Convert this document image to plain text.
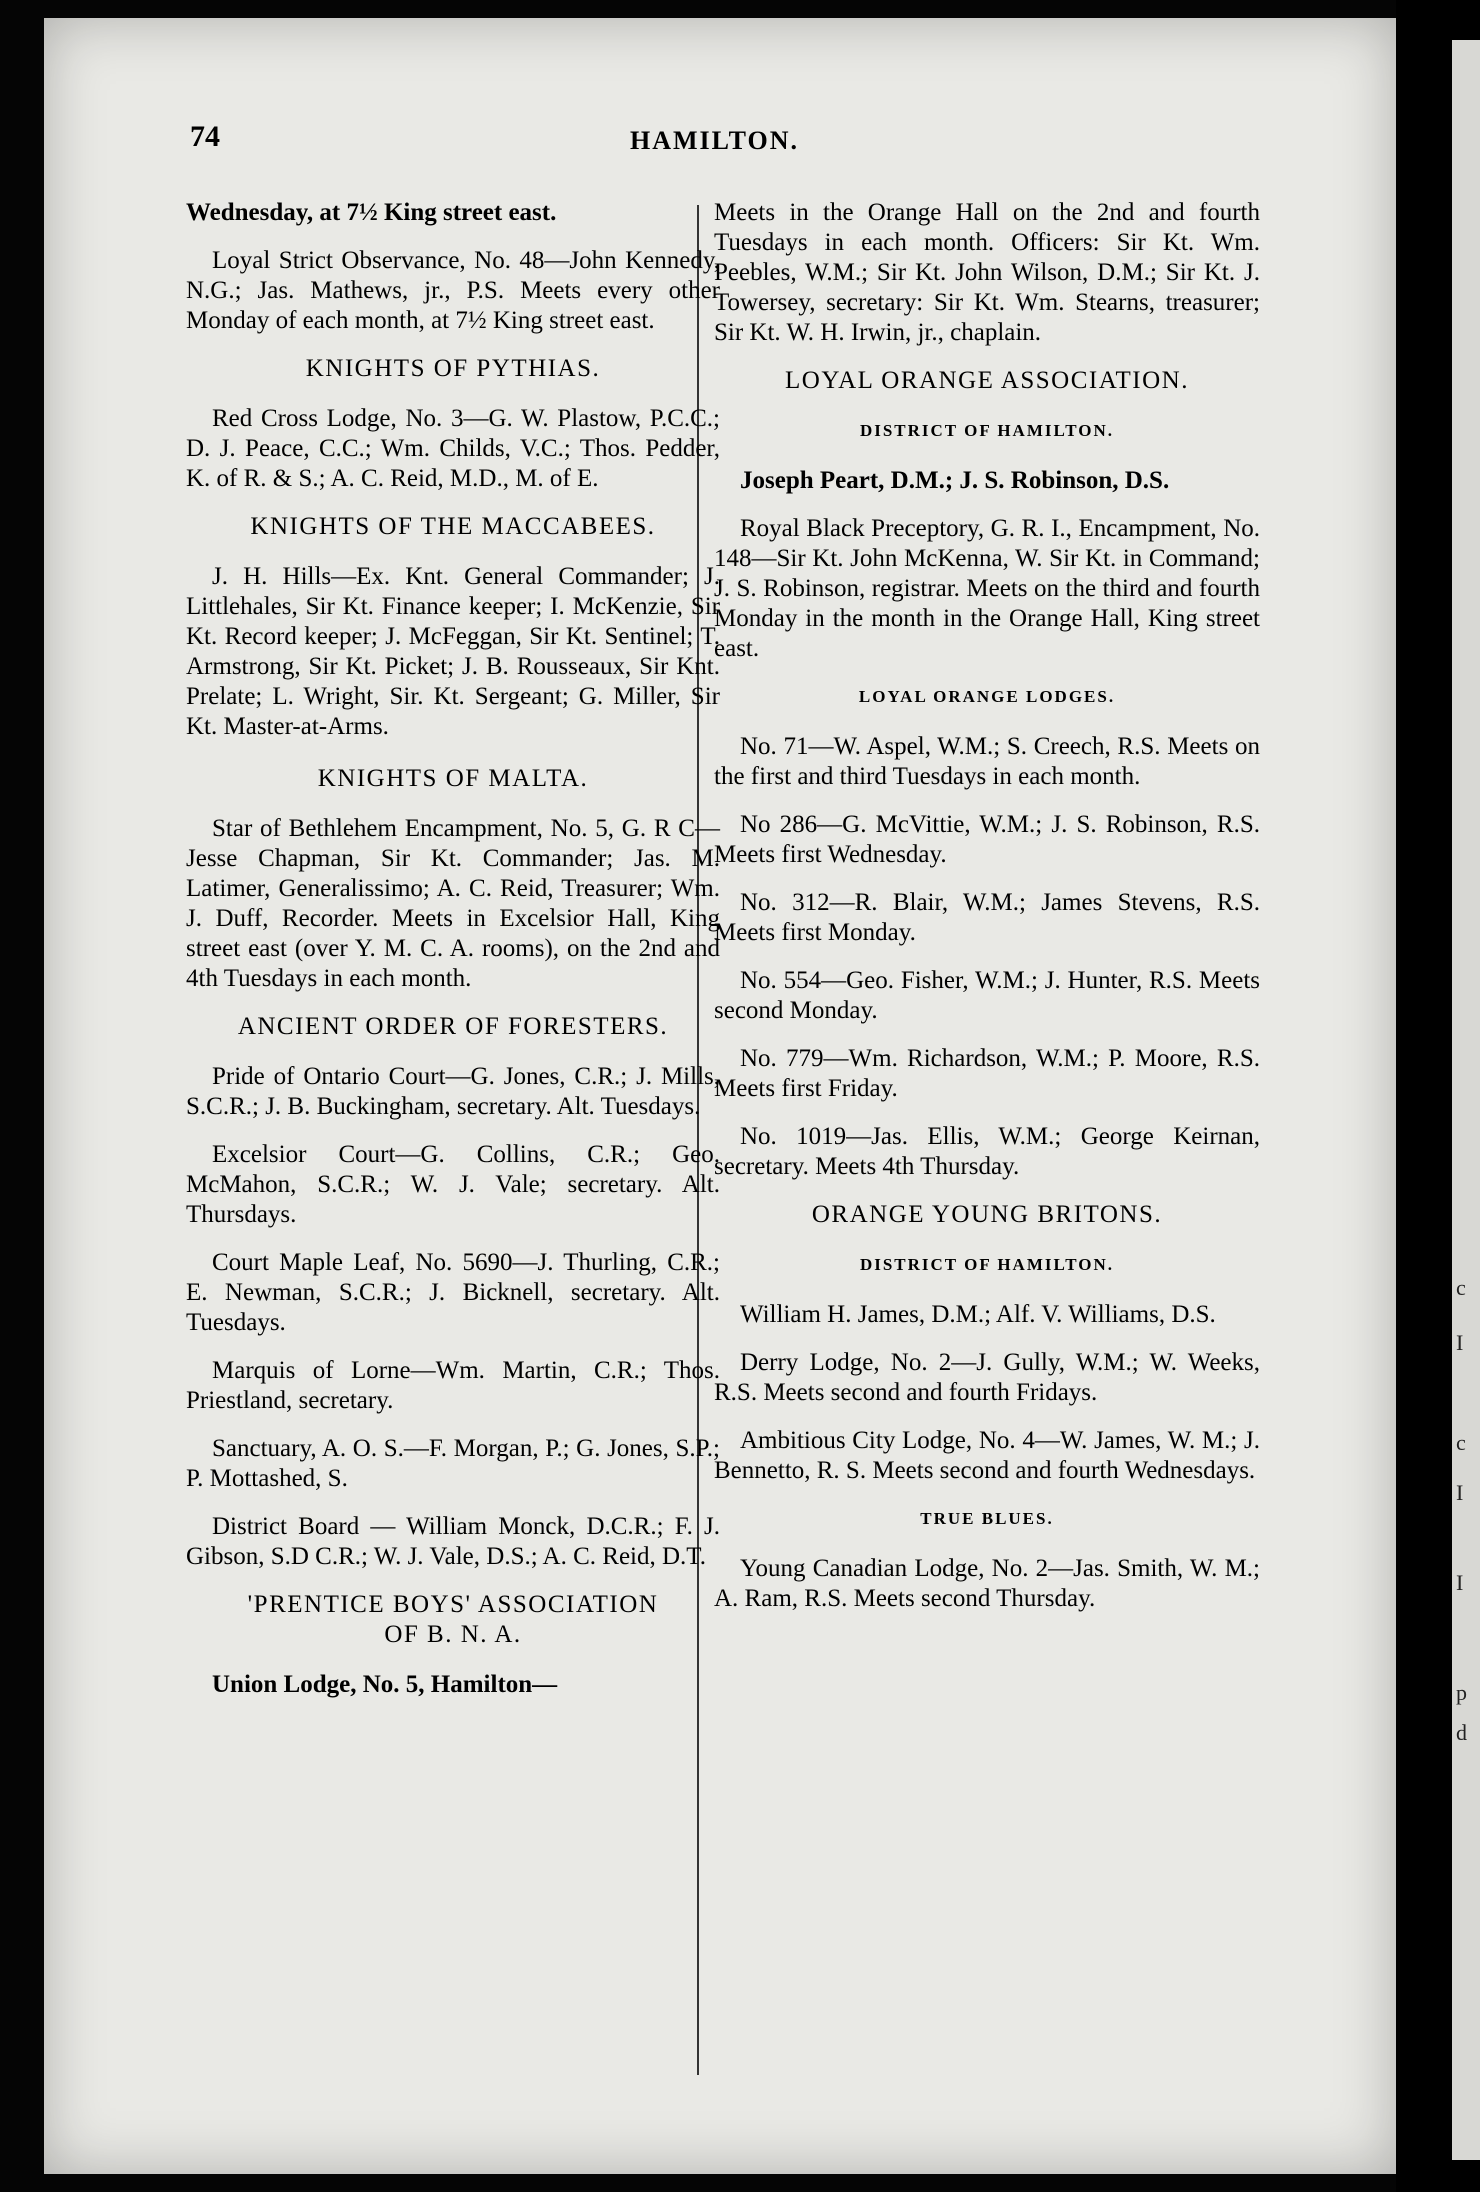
c
I
c
I
I
p
d
74	HAMILTON.

Wednesday, at 7½ King street east.

Loyal Strict Observance, No. 48—John Kennedy, N.G.; Jas. Mathews, jr., P.S. Meets every other Monday of each month, at 7½ King street east.

KNIGHTS OF PYTHIAS.

Red Cross Lodge, No. 3—G. W. Plastow, P.C.C.; D. J. Peace, C.C.; Wm. Childs, V.C.; Thos. Pedder, K. of R. & S.; A. C. Reid, M.D., M. of E.

KNIGHTS OF THE MACCABEES.

J. H. Hills—Ex. Knt. General Commander; J. Littlehales, Sir Kt. Finance keeper; I. McKenzie, Sir Kt. Record keeper; J. McFeggan, Sir Kt. Sentinel; T. Armstrong, Sir Kt. Picket; J. B. Rousseaux, Sir Knt. Prelate; L. Wright, Sir. Kt. Sergeant; G. Miller, Sir Kt. Master-at-Arms.

KNIGHTS OF MALTA.

Star of Bethlehem Encampment, No. 5, G. R C—Jesse Chapman, Sir Kt. Commander; Jas. M. Latimer, Generalissimo; A. C. Reid, Treasurer; Wm. J. Duff, Recorder. Meets in Excelsior Hall, King street east (over Y. M. C. A. rooms), on the 2nd and 4th Tuesdays in each month.

ANCIENT ORDER OF FORESTERS.

Pride of Ontario Court—G. Jones, C.R.; J. Mills, S.C.R.; J. B. Buckingham, secretary. Alt. Tuesdays.

Excelsior Court—G. Collins, C.R.; Geo. McMahon, S.C.R.; W. J. Vale; secretary. Alt. Thursdays.

Court Maple Leaf, No. 5690—J. Thurling, C.R.; E. Newman, S.C.R.; J. Bicknell, secretary. Alt. Tuesdays.

Marquis of Lorne—Wm. Martin, C.R.; Thos. Priestland, secretary.

Sanctuary, A. O. S.—F. Morgan, P.; G. Jones, S.P.; P. Mottashed, S.

District Board — William Monck, D.C.R.; F. J. Gibson, S.D C.R.; W. J. Vale, D.S.; A. C. Reid, D.T.

'PRENTICE BOYS' ASSOCIATION
OF B. N. A.

Union Lodge, No. 5, Hamilton—

Meets in the Orange Hall on the 2nd and fourth Tuesdays in each month. Officers: Sir Kt. Wm. Peebles, W.M.; Sir Kt. John Wilson, D.M.; Sir Kt. J. Towersey, secretary: Sir Kt. Wm. Stearns, treasurer; Sir Kt. W. H. Irwin, jr., chaplain.

LOYAL ORANGE ASSOCIATION.
DISTRICT OF HAMILTON.

Joseph Peart, D.M.; J. S. Robinson, D.S.

Royal Black Preceptory, G. R. I., Encampment, No. 148—Sir Kt. John McKenna, W. Sir Kt. in Command; J. S. Robinson, registrar. Meets on the third and fourth Monday in the month in the Orange Hall, King street east.

LOYAL ORANGE LODGES.

No. 71—W. Aspel, W.M.; S. Creech, R.S. Meets on the first and third Tuesdays in each month.

No 286—G. McVittie, W.M.; J. S. Robinson, R.S. Meets first Wednesday.

No. 312—R. Blair, W.M.; James Stevens, R.S. Meets first Monday.

No. 554—Geo. Fisher, W.M.; J. Hunter, R.S. Meets second Monday.

No. 779—Wm. Richardson, W.M.; P. Moore, R.S. Meets first Friday.

No. 1019—Jas. Ellis, W.M.; George Keirnan, secretary. Meets 4th Thursday.

ORANGE YOUNG BRITONS.
DISTRICT OF HAMILTON.

William H. James, D.M.; Alf. V. Williams, D.S.

Derry Lodge, No. 2—J. Gully, W.M.; W. Weeks, R.S. Meets second and fourth Fridays.

Ambitious City Lodge, No. 4—W. James, W. M.; J. Bennetto, R. S. Meets second and fourth Wednesdays.

TRUE BLUES.

Young Canadian Lodge, No. 2—Jas. Smith, W. M.; A. Ram, R.S. Meets second Thursday.
